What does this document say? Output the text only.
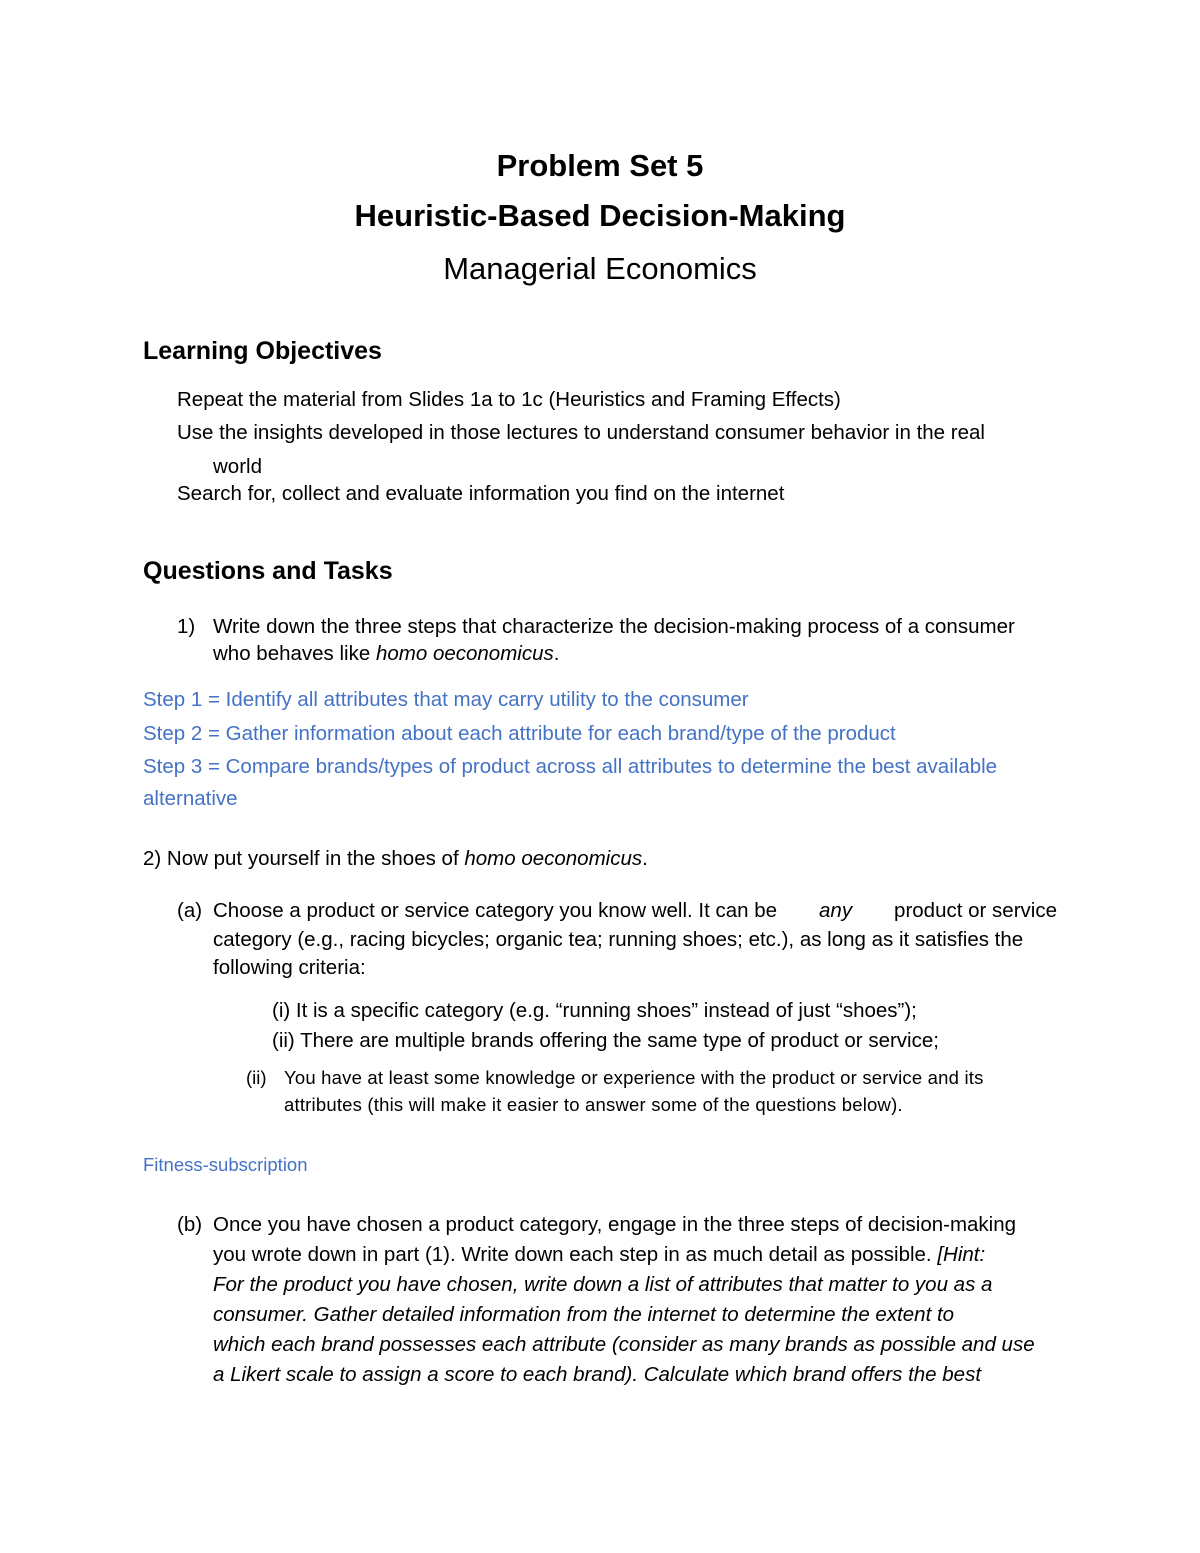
Problem Set 5
Heuristic-Based Decision-Making
Managerial Economics
Learning Objectives
Repeat the material from Slides 1a to 1c (Heuristics and Framing Effects)
Use the insights developed in those lectures to understand consumer behavior in the real
world
Search for, collect and evaluate information you find on the internet
Questions and Tasks
1) Write down the three steps that characterize the decision-making process of a consumer
who behaves like homo oeconomicus.
Step 1 = Identify all attributes that may carry utility to the consumer
Step 2 = Gather information about each attribute for each brand/type of the product
Step 3 = Compare brands/types of product across all attributes to determine the best available
alternative
2) Now put yourself in the shoes of homo oeconomicus.
(a) Choose a product or service category you know well. It can be any product or service
category (e.g., racing bicycles; organic tea; running shoes; etc.), as long as it satisfies the
following criteria:
(i) It is a specific category (e.g. “running shoes” instead of just “shoes”);
(ii) There are multiple brands offering the same type of product or service;
(ii) You have at least some knowledge or experience with the product or service and its
attributes (this will make it easier to answer some of the questions below).
Fitness-subscription
(b) Once you have chosen a product category, engage in the three steps of decision-making
you wrote down in part (1). Write down each step in as much detail as possible. [Hint:
For the product you have chosen, write down a list of attributes that matter to you as a
consumer. Gather detailed information from the internet to determine the extent to
which each brand possesses each attribute (consider as many brands as possible and use
a Likert scale to assign a score to each brand). Calculate which brand offers the best
